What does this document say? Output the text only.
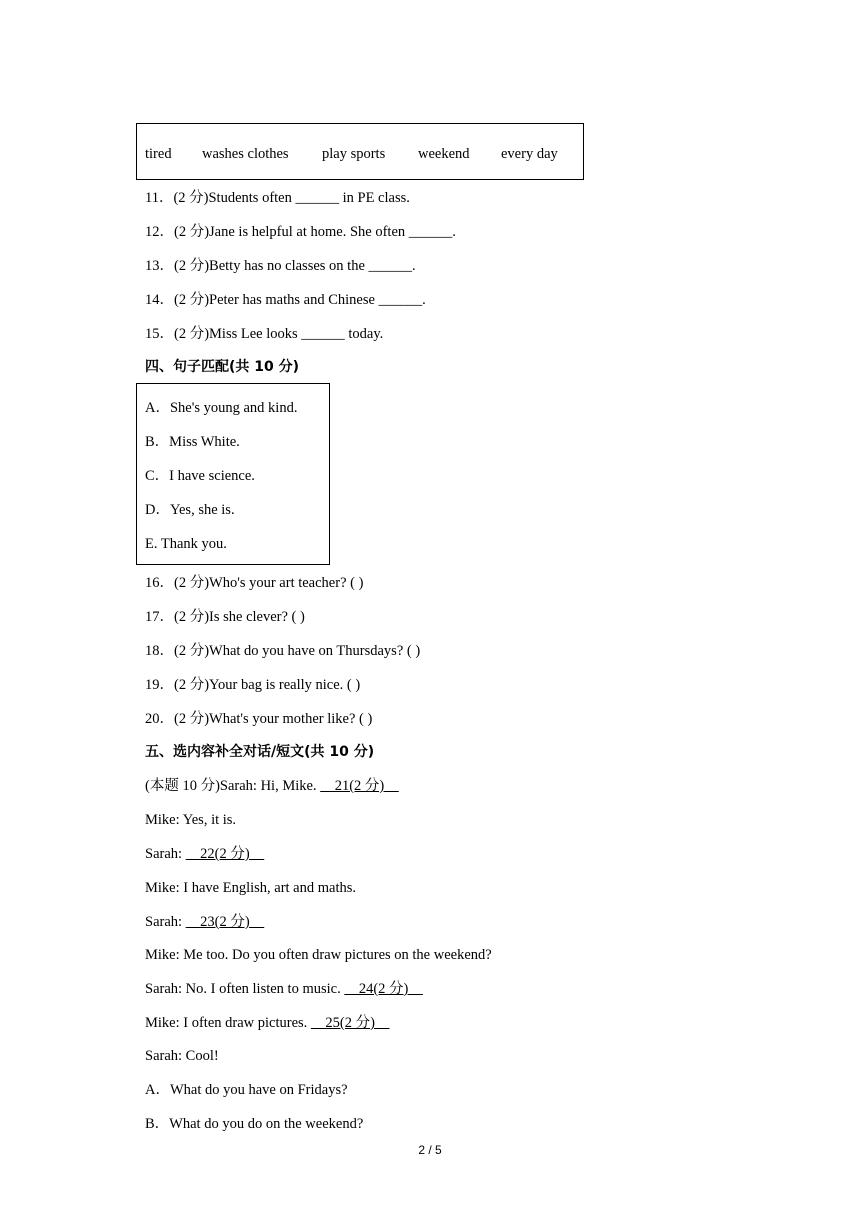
tired washes clothes play sports weekend every day
11．(2 分)Students often ______ in PE class.
12．(2 分)Jane is helpful at home. She often ______.
13．(2 分)Betty has no classes on the ______.
14．(2 分)Peter has maths and Chinese ______.
15．(2 分)Miss Lee looks ______ today.
四、句子匹配(共 10 分)
A．She's young and kind.
B．Miss White.
C．I have science.
D．Yes, she is.
E. Thank you.
16．(2 分)Who's your art teacher? ( )
17．(2 分)Is she clever? ( )
18．(2 分)What do you have on Thursdays? ( )
19．(2 分)Your bag is really nice. ( )
20．(2 分)What's your mother like? ( )
五、选内容补全对话/短文(共 10 分)
(本题 10 分)Sarah: Hi, Mike.     21(2 分)
Mike: Yes, it is.
Sarah:     22(2 分)
Mike: I have English, art and maths.
Sarah:     23(2 分)
Mike: Me too. Do you often draw pictures on the weekend?
Sarah: No. I often listen to music.     24(2 分)
Mike: I often draw pictures.     25(2 分)
Sarah: Cool!
A．What do you have on Fridays?
B．What do you do on the weekend?
2 / 5
